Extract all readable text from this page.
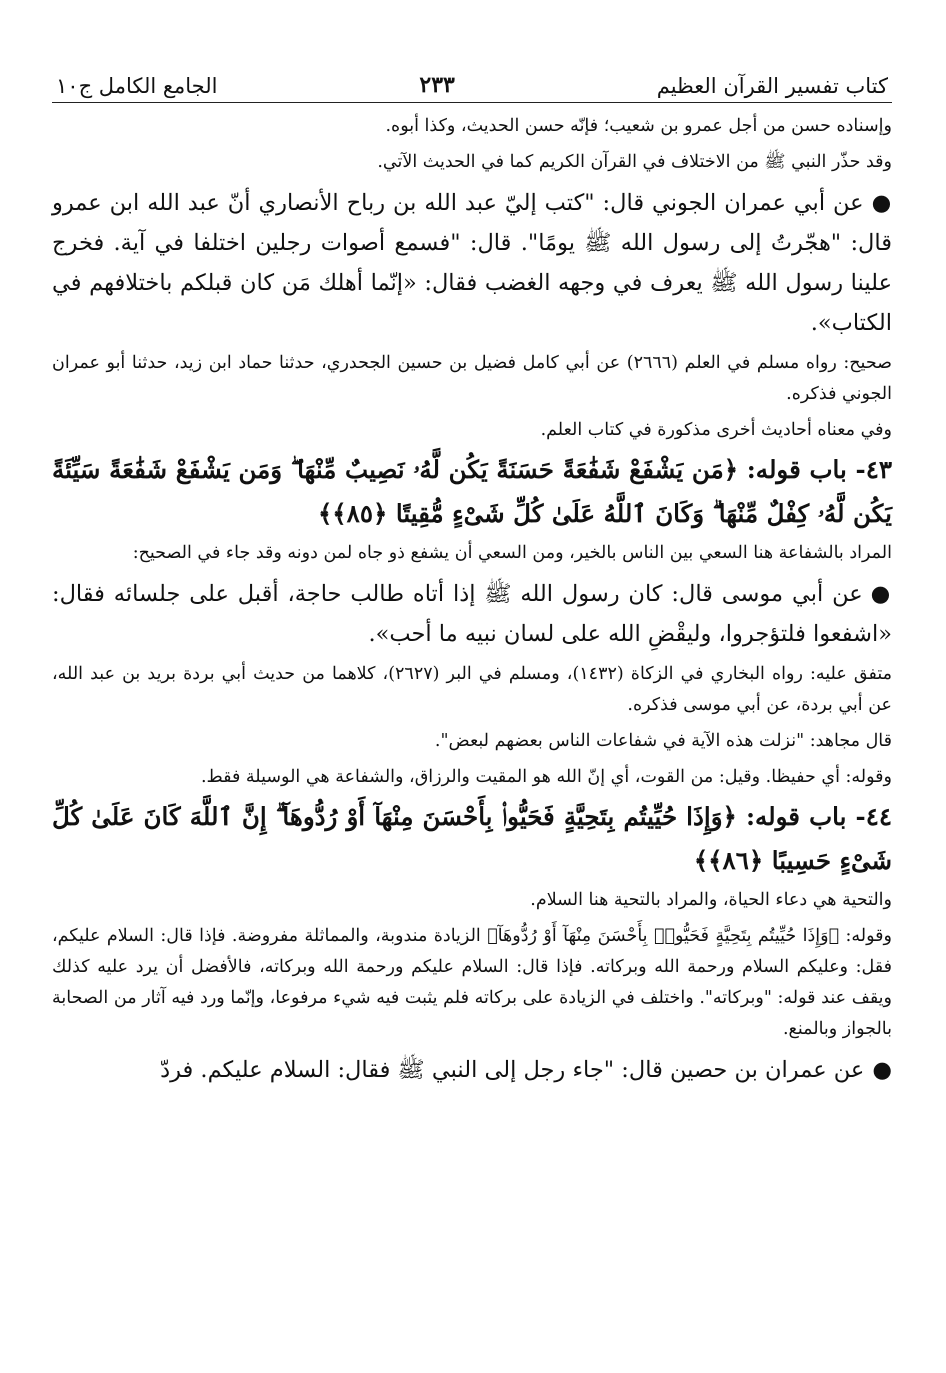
كتاب تفسير القرآن العظيم
٢٣٣
الجامع الكامل ج١٠

وإسناده حسن من أجل عمرو بن شعيب؛ فإنّه حسن الحديث، وكذا أبوه.

وقد حذّر النبي ﷺ من الاختلاف في القرآن الكريم كما في الحديث الآتي.

●عن أبي عمران الجوني قال: "كتب إليّ عبد الله بن رباح الأنصاري أنّ عبد الله ابن عمرو قال: "هجّرتُ إلى رسول الله ﷺ يومًا". قال: "فسمع أصوات رجلين اختلفا في آية. فخرج علينا رسول الله ﷺ يعرف في وجهه الغضب فقال: «إنّما أهلك مَن كان قبلكم باختلافهم في الكتاب».

صحيح: رواه مسلم في العلم (٢٦٦٦) عن أبي كامل فضيل بن حسين الجحدري، حدثنا حماد ابن زيد، حدثنا أبو عمران الجوني فذكره.

وفي معناه أحاديث أخرى مذكورة في كتاب العلم.

٤٣- باب قوله: ﴿مَن يَشْفَعْ شَفَٰعَةً حَسَنَةً يَكُن لَّهُۥ نَصِيبٌ مِّنْهَا ۖ وَمَن يَشْفَعْ شَفَٰعَةً سَيِّئَةً يَكُن لَّهُۥ كِفْلٌ مِّنْهَا ۗ وَكَانَ ٱللَّهُ عَلَىٰ كُلِّ شَىْءٍ مُّقِيتًا ﴿٨٥﴾﴾

المراد بالشفاعة هنا السعي بين الناس بالخير، ومن السعي أن يشفع ذو جاه لمن دونه وقد جاء في الصحيح:

●عن أبي موسى قال: كان رسول الله ﷺ إذا أتاه طالب حاجة، أقبل على جلسائه فقال: «اشفعوا فلتؤجروا، وليقْضِ الله على لسان نبيه ما أحب».

متفق عليه: رواه البخاري في الزكاة (١٤٣٢)، ومسلم في البر (٢٦٢٧)، كلاهما من حديث أبي بردة بريد بن عبد الله، عن أبي بردة، عن أبي موسى فذكره.

قال مجاهد: "نزلت هذه الآية في شفاعات الناس بعضهم لبعض".

وقوله: أي حفيظا. وقيل: من القوت، أي إنّ الله هو المقيت والرزاق، والشفاعة هي الوسيلة فقط.

٤٤- باب قوله: ﴿وَإِذَا حُيِّيتُم بِتَحِيَّةٍ فَحَيُّوا۟ بِأَحْسَنَ مِنْهَآ أَوْ رُدُّوهَآ ۗ إِنَّ ٱللَّهَ كَانَ عَلَىٰ كُلِّ شَىْءٍ حَسِيبًا ﴿٨٦﴾﴾

والتحية هي دعاء الحياة، والمراد بالتحية هنا السلام.

وقوله: ﴿وَإِذَا حُيِّيتُم بِتَحِيَّةٍ فَحَيُّوا۟ بِأَحْسَنَ مِنْهَآ أَوْ رُدُّوهَآ﴾ الزيادة مندوبة، والمماثلة مفروضة. فإذا قال: السلام عليكم، فقل: وعليكم السلام ورحمة الله وبركاته. فإذا قال: السلام عليكم ورحمة الله وبركاته، فالأفضل أن يرد عليه كذلك ويقف عند قوله: "وبركاته". واختلف في الزيادة على بركاته فلم يثبت فيه شيء مرفوعا، وإنّما ورد فيه آثار من الصحابة بالجواز وبالمنع.

●عن عمران بن حصين قال: "جاء رجل إلى النبي ﷺ فقال: السلام عليكم. فردّ
